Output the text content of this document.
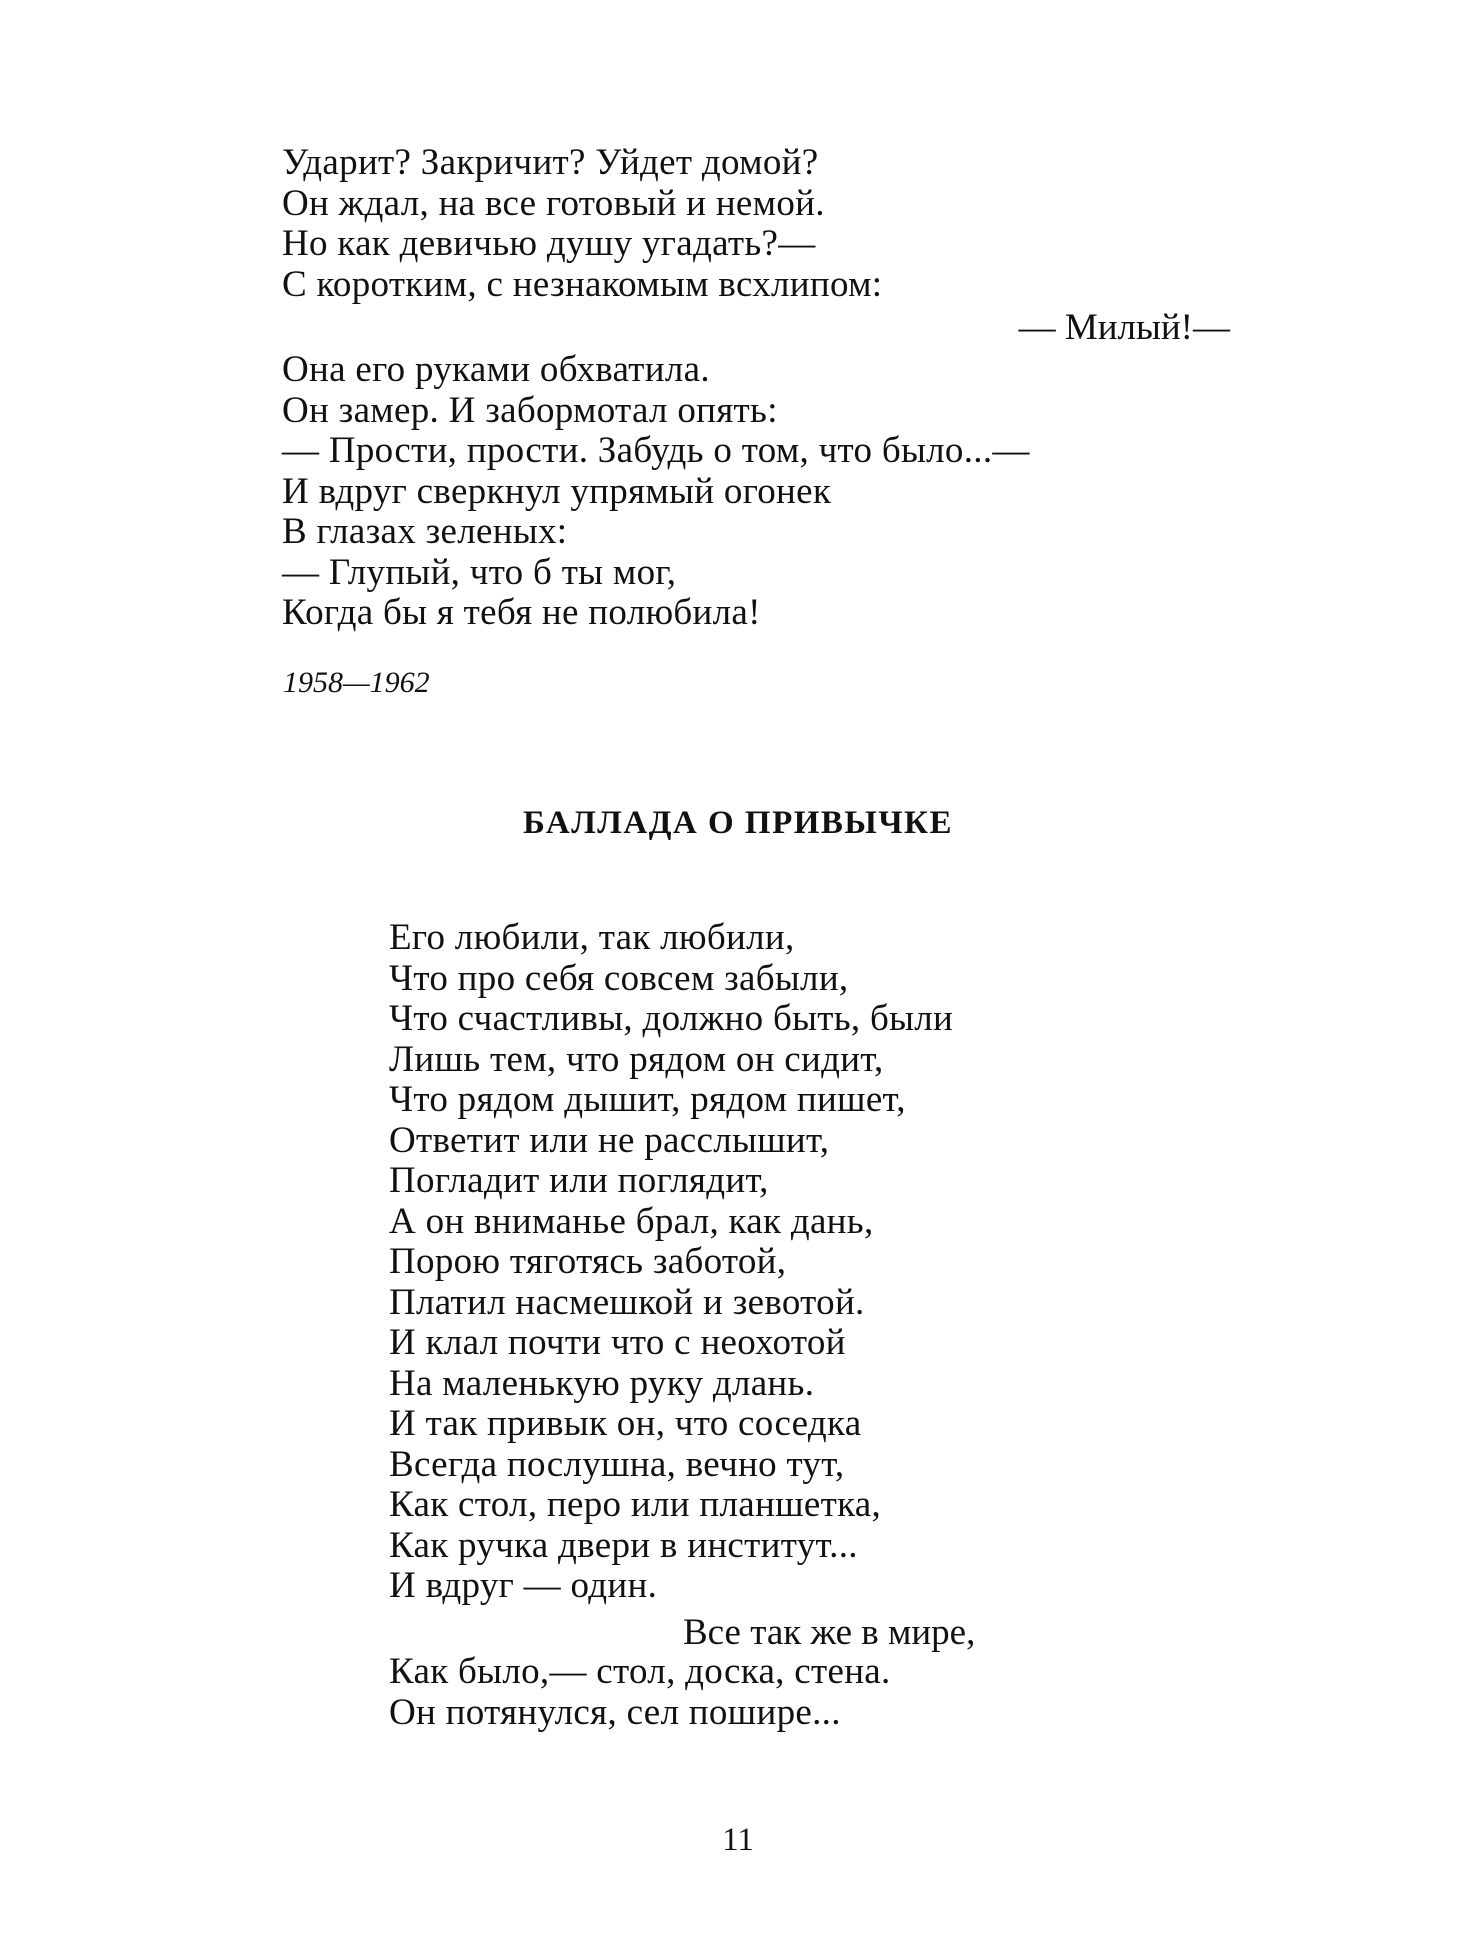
Ударит? Закричит? Уйдет домой?
Он ждал, на все готовый и немой.
Но как девичью душу угадать?—
С коротким, с незнакомым всхлипом:
— Милый!—
Она его руками обхватила.
Он замер. И забормотал опять:
— Прости, прости. Забудь о том, что было...—
И вдруг сверкнул упрямый огонек
В глазах зеленых:
— Глупый, что б ты мог,
Когда бы я тебя не полюбила!
1958—1962
БАЛЛАДА О ПРИВЫЧКЕ
Его любили, так любили,
Что про себя совсем забыли,
Что счастливы, должно быть, были
Лишь тем, что рядом он сидит,
Что рядом дышит, рядом пишет,
Ответит или не расслышит,
Погладит или поглядит,
А он вниманье брал, как дань,
Порою тяготясь заботой,
Платил насмешкой и зевотой.
И клал почти что с неохотой
На маленькую руку длань.
И так привык он, что соседка
Всегда послушна, вечно тут,
Как стол, перо или планшетка,
Как ручка двери в институт...
И вдруг — один.
Все так же в мире,
Как было,— стол, доска, стена.
Он потянулся, сел пошире...
11
